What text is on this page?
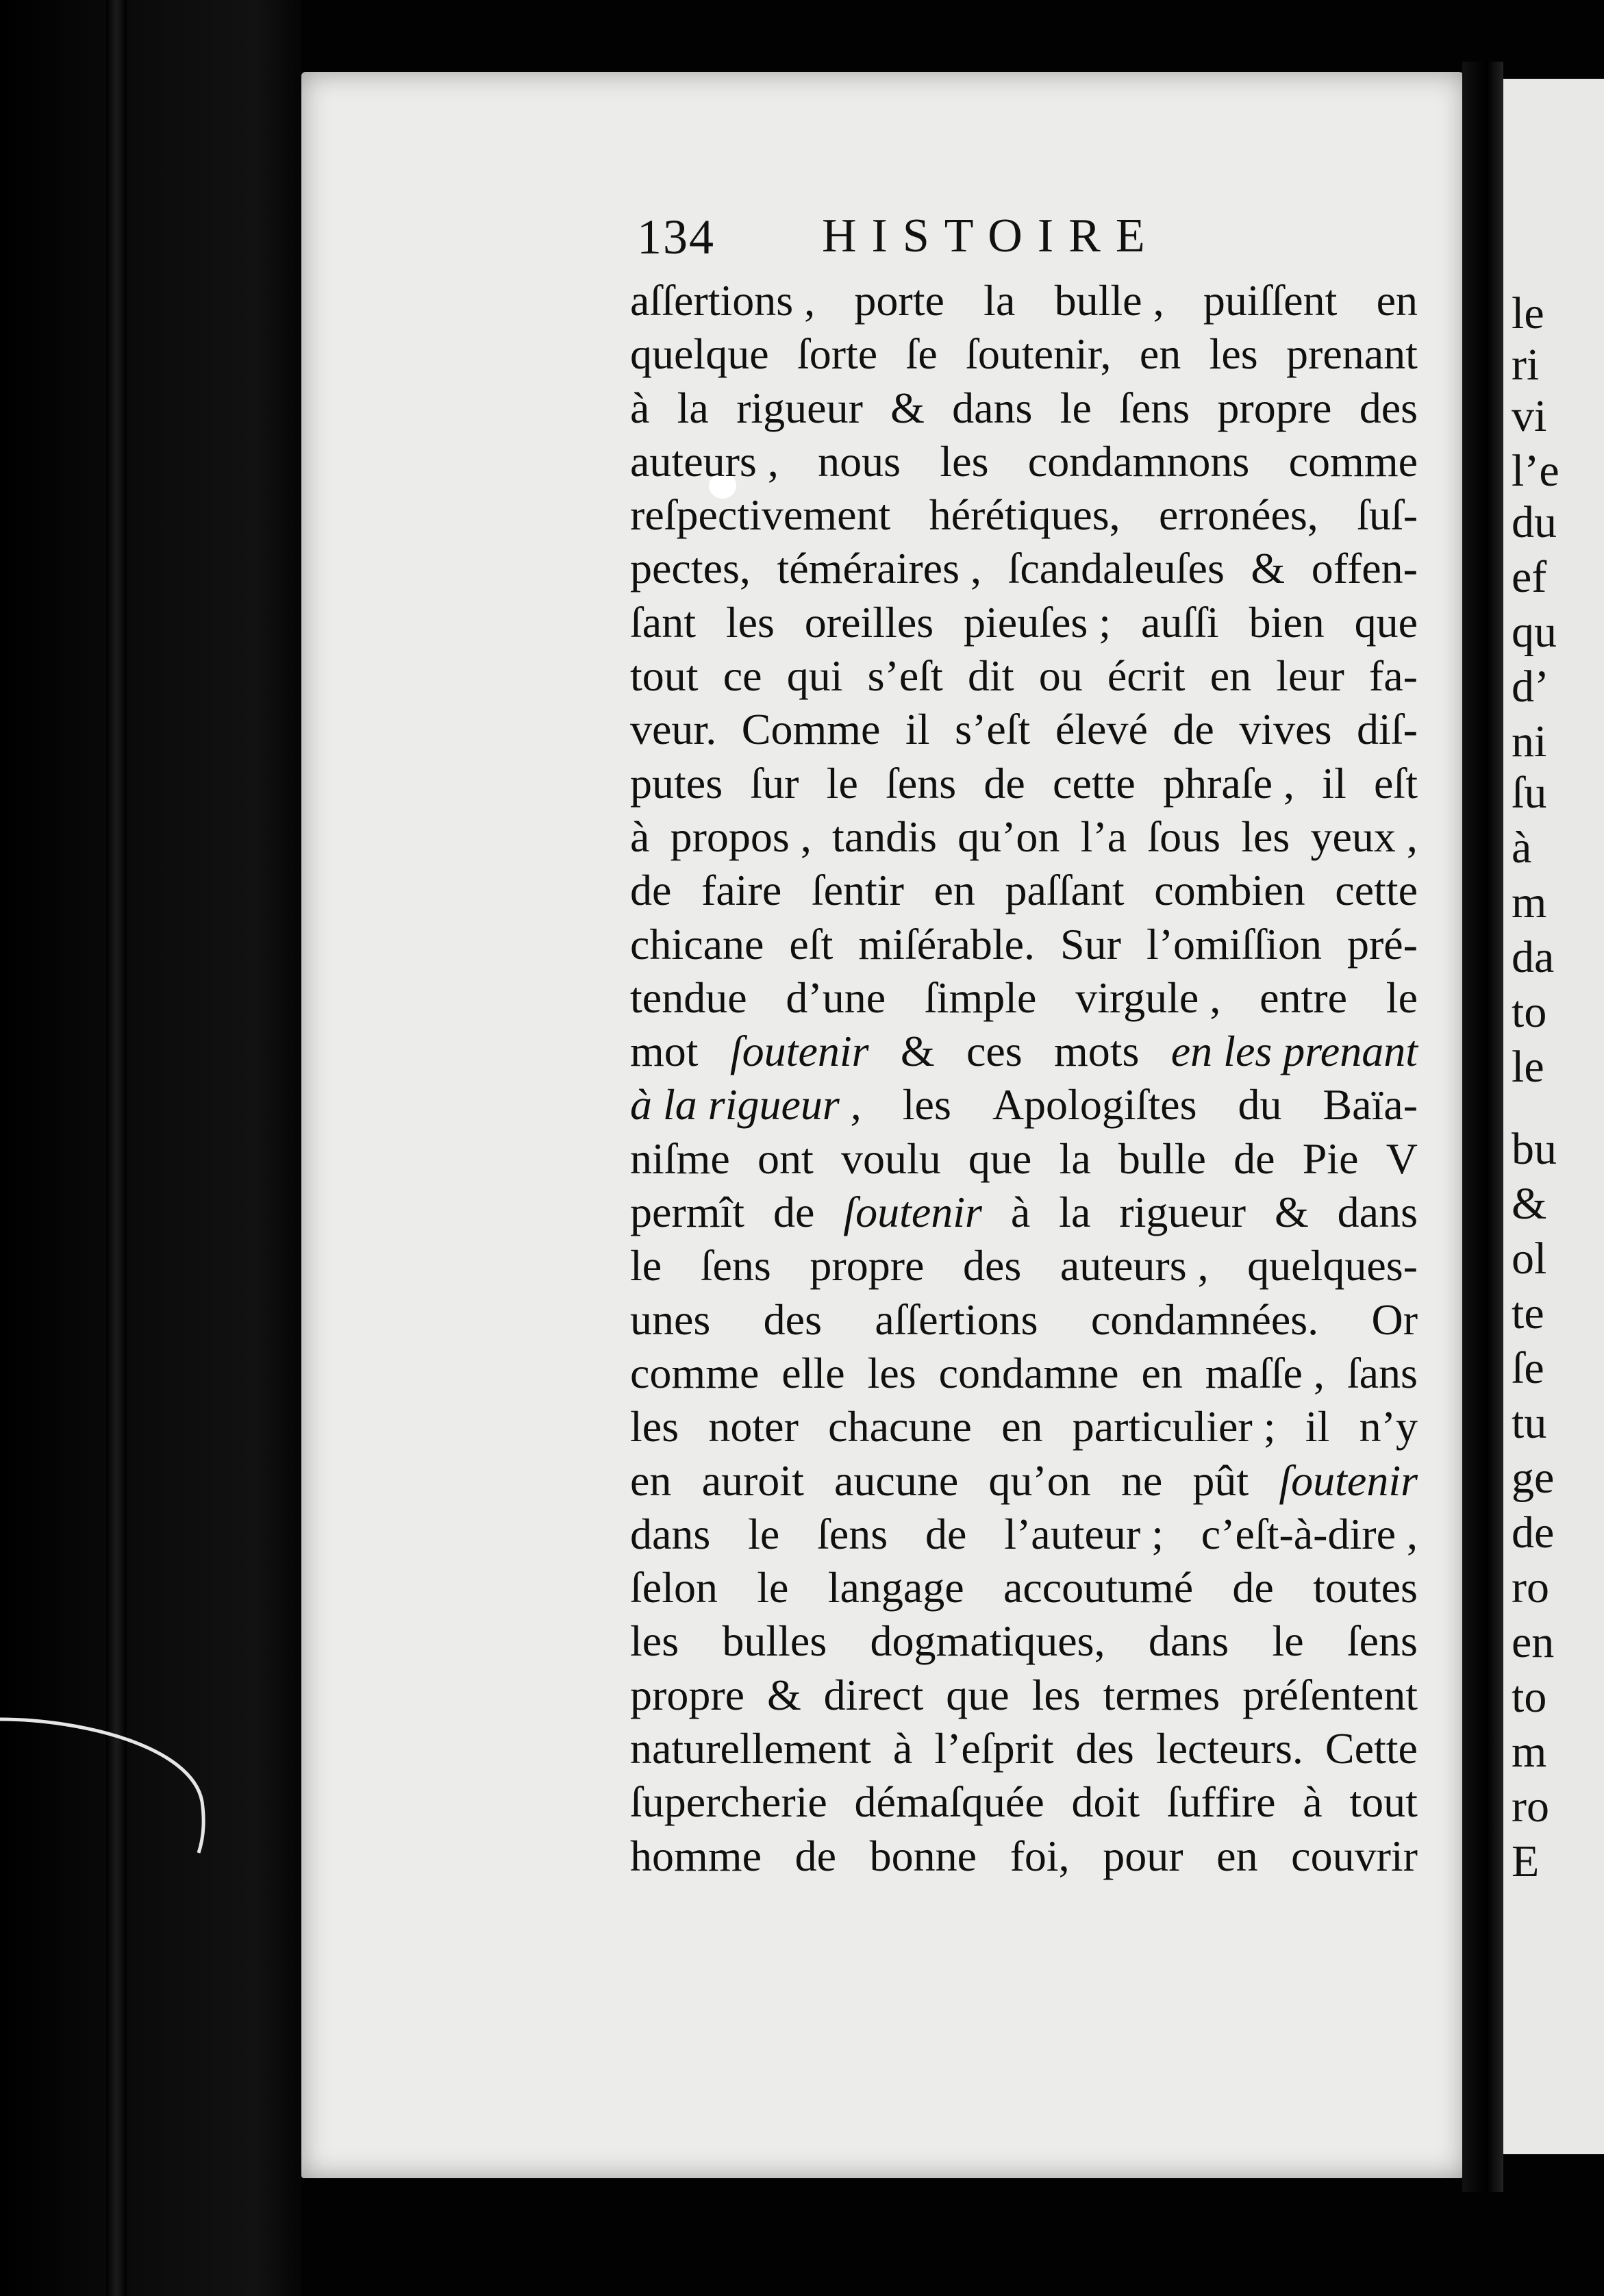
le
ri
vi
l’e
du
ef
qu
d’
ni
ſu
à
m
da
to
le
bu
&
ol
te
ſe
tu
ge
de
ro
en
to
m
ro
E
134 HISTOIRE
aſſertions , porte la bulle , puiſſent en
quelque ſorte ſe ſoutenir, en les prenant
à la rigueur & dans le ſens propre des
auteurs , nous les condamnons comme
reſpectivement hérétiques, erronées, ſuſ-
pectes, téméraires , ſcandaleuſes & offen-
ſant les oreilles pieuſes ; auſſi bien que
tout ce qui s’eſt dit ou écrit en leur fa-
veur. Comme il s’eſt élevé de vives diſ-
putes ſur le ſens de cette phraſe , il eſt
à propos , tandis qu’on l’a ſous les yeux ,
de faire ſentir en paſſant combien cette
chicane eſt miſérable. Sur l’omiſſion pré-
tendue d’une ſimple virgule , entre le
mot ſoutenir & ces mots en les prenant
à la rigueur , les Apologiſtes du Baïa-
niſme ont voulu que la bulle de Pie V
permît de ſoutenir à la rigueur & dans
le ſens propre des auteurs , quelques-
unes des aſſertions condamnées. Or
comme elle les condamne en maſſe , ſans
les noter chacune en particulier ; il n’y
en auroit aucune qu’on ne pût ſoutenir
dans le ſens de l’auteur ; c’eſt-à-dire ,
ſelon le langage accoutumé de toutes
les bulles dogmatiques, dans le ſens
propre & direct que les termes préſentent
naturellement à l’eſprit des lecteurs. Cette
ſupercherie démaſquée doit ſuffire à tout
homme de bonne foi, pour en couvrir
